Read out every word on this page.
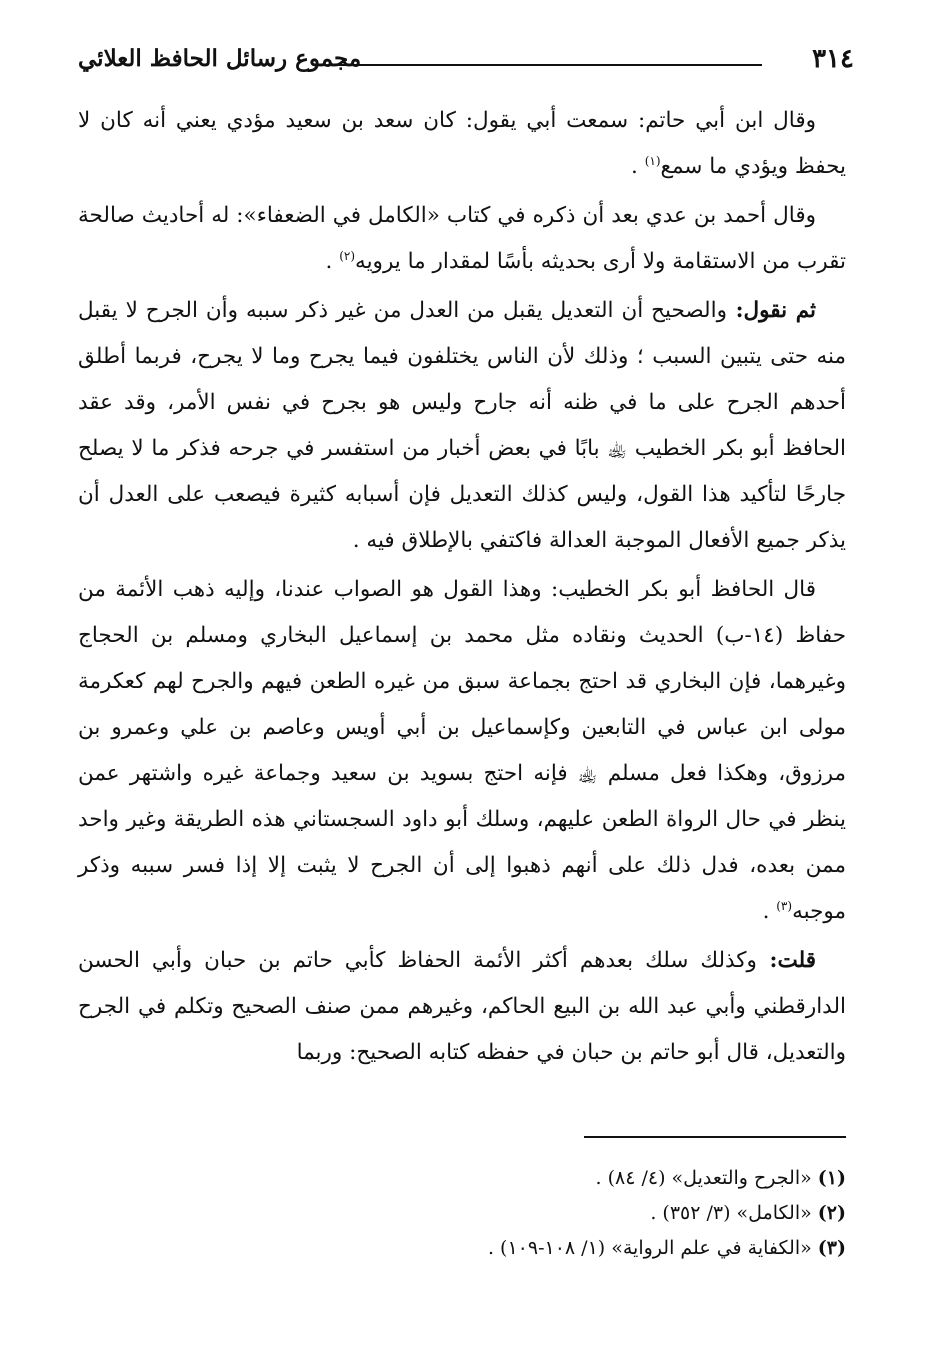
٣١٤
مجموع رسائل الحافظ العلائي

وقال ابن أبي حاتم: سمعت أبي يقول: كان سعد بن سعيد مؤدي يعني أنه كان لا يحفظ ويؤدي ما سمع$^{(١)}$ .

وقال أحمد بن عدي بعد أن ذكره في كتاب «الكامل في الضعفاء»: له أحاديث صالحة تقرب من الاستقامة ولا أرى بحديثه بأسًا لمقدار ما يرويه$^{(٢)}$ .

ثم نقول: والصحيح أن التعديل يقبل من العدل من غير ذكر سببه وأن الجرح لا يقبل منه حتى يتبين السبب ؛ وذلك لأن الناس يختلفون فيما يجرح وما لا يجرح، فربما أطلق أحدهم الجرح على ما في ظنه أنه جارح وليس هو بجرح في نفس الأمر، وقد عقد الحافظ أبو بكر الخطيب ﵀ بابًا في بعض أخبار من استفسر في جرحه فذكر ما لا يصلح جارحًا لتأكيد هذا القول، وليس كذلك التعديل فإن أسبابه كثيرة فيصعب على العدل أن يذكر جميع الأفعال الموجبة العدالة فاكتفي بالإطلاق فيه .

قال الحافظ أبو بكر الخطيب: وهذا القول هو الصواب عندنا، وإليه ذهب الأئمة من حفاظ (١٤-ب) الحديث ونقاده مثل محمد بن إسماعيل البخاري ومسلم بن الحجاج وغيرهما، فإن البخاري قد احتج بجماعة سبق من غيره الطعن فيهم والجرح لهم كعكرمة مولى ابن عباس في التابعين وكإسماعيل بن أبي أويس وعاصم بن علي وعمرو بن مرزوق، وهكذا فعل مسلم ﵀ فإنه احتج بسويد بن سعيد وجماعة غيره واشتهر عمن ينظر في حال الرواة الطعن عليهم، وسلك أبو داود السجستاني هذه الطريقة وغير واحد ممن بعده، فدل ذلك على أنهم ذهبوا إلى أن الجرح لا يثبت إلا إذا فسر سببه وذكر موجبه$^{(٣)}$ .

قلت: وكذلك سلك بعدهم أكثر الأئمة الحفاظ كأبي حاتم بن حبان وأبي الحسن الدارقطني وأبي عبد الله بن البيع الحاكم، وغيرهم ممن صنف الصحيح وتكلم في الجرح والتعديل، قال أبو حاتم بن حبان في حفظه كتابه الصحيح: وربما

(١) «الجرح والتعديل» (٤/ ٨٤) .
(٢) «الكامل» (٣/ ٣٥٢) .
(٣) «الكفاية في علم الرواية» (١/ ١٠٨-١٠٩) .
